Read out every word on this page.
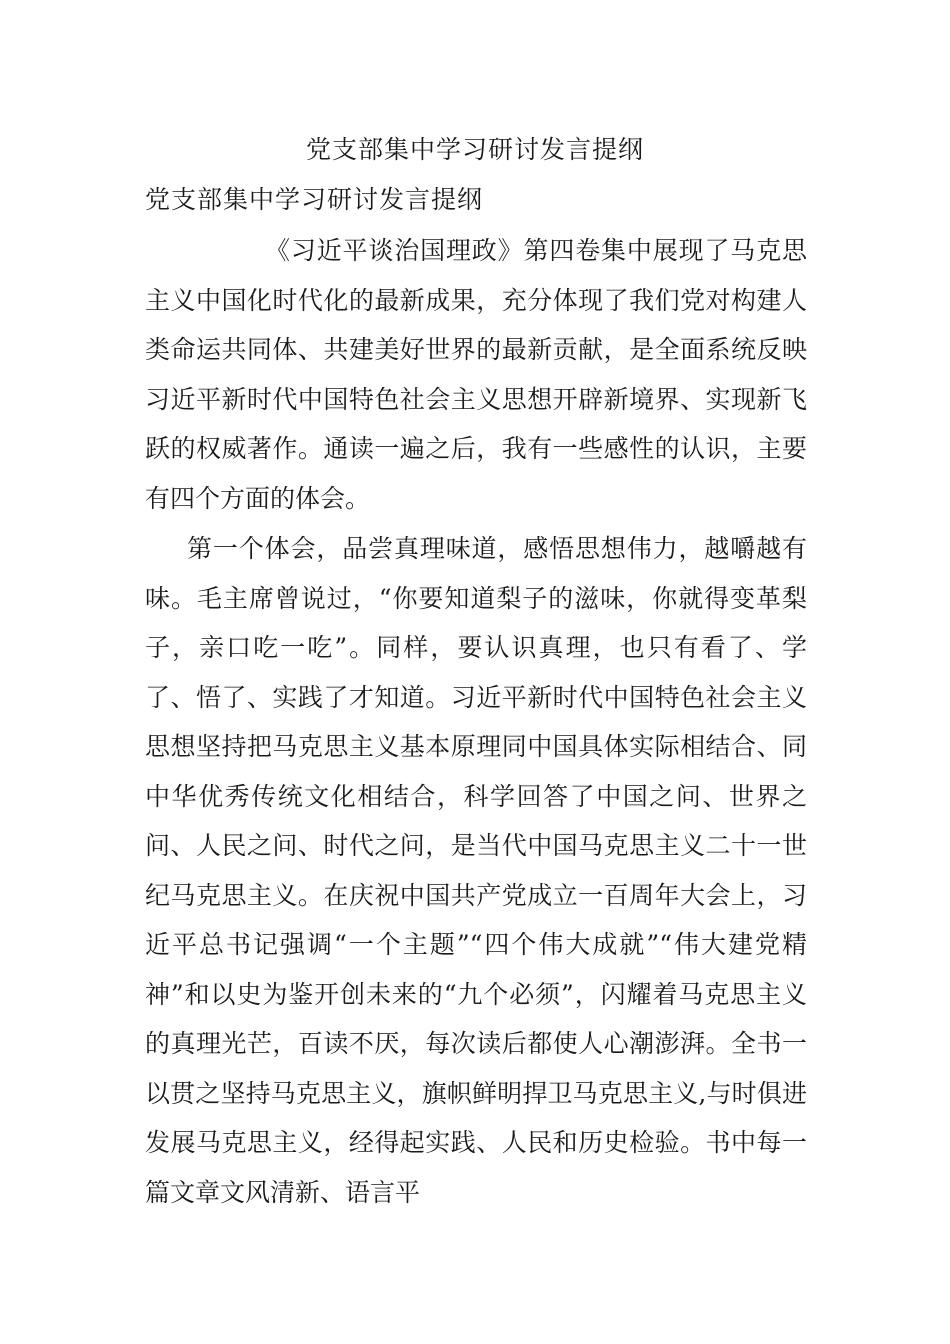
党支部集中学习研讨发言提纲
党支部集中学习研讨发言提纲
《习近平谈治国理政》第四卷集中展现了马克思主义中国化时代化的最新成果，充分体现了我们党对构建人类命运共同体、共建美好世界的最新贡献，是全面系统反映习近平新时代中国特色社会主义思想开辟新境界、实现新飞跃的权威著作。通读一遍之后，我有一些感性的认识，主要有四个方面的体会。
第一个体会，品尝真理味道，感悟思想伟力，越嚼越有味。毛主席曾说过，“你要知道梨子的滋味，你就得变革梨子，亲口吃一吃”。同样，要认识真理，也只有看了、学了、悟了、实践了才知道。习近平新时代中国特色社会主义思想坚持把马克思主义基本原理同中国具体实际相结合、同中华优秀传统文化相结合，科学回答了中国之问、世界之问、人民之问、时代之问，是当代中国马克思主义二十一世纪马克思主义。在庆祝中国共产党成立一百周年大会上，习近平总书记强调“一个主题”“四个伟大成就”“伟大建党精神”和以史为鉴开创未来的“九个必须”，闪耀着马克思主义的真理光芒，百读不厌，每次读后都使人心潮澎湃。全书一以贯之坚持马克思主义，旗帜鲜明捍卫马克思主义,与时俱进发展马克思主义，经得起实践、人民和历史检验。书中每一篇文章文风清新、语言平
